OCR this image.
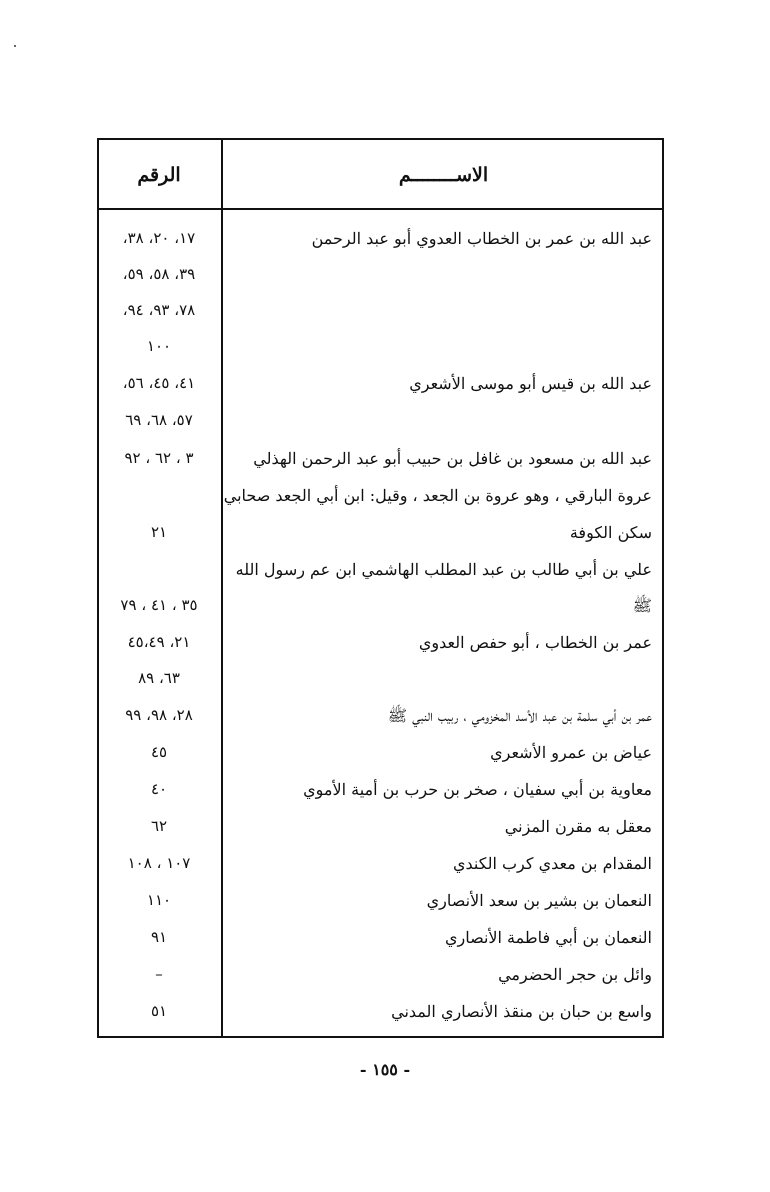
الاســــــــم
الرقم
عبد الله بن عمر بن الخطاب العدوي أبو عبد الرحمن
١٧، ٢٠، ٣٨،
٣٩، ٥٨، ٥٩،
٧٨، ٩٣، ٩٤،
١٠٠
عبد الله بن قيس أبو موسى الأشعري
٤١، ٤٥، ٥٦،
٥٧، ٦٨، ٦٩
عبد الله بن مسعود بن غافل بن حبيب أبو عبد الرحمن الهذلي
٣ ، ٦٢ ، ٩٢
عروة البارقي ، وهو عروة بن الجعد ، وقيل: ابن أبي الجعد صحابي
سكن الكوفة
٢١
علي بن أبي طالب بن عبد المطلب الهاشمي ابن عم رسول الله
ﷺ
٣٥ ، ٤١ ، ٧٩
عمر بن الخطاب ، أبو حفص العدوي
٢١، ٤٥،٤٩
٦٣، ٨٩
عمر بن أبي سلمة بن عبد الأسد المخزومي ، ربيب النبي ﷺ
٢٨، ٩٨، ٩٩
عياض بن عمرو الأشعري
٤٥
معاوية بن أبي سفيان ، صخر بن حرب بن أمية الأموي
٤٠
معقل به مقرن المزني
٦٢
المقدام بن معدي كرب الكندي
١٠٧ ، ١٠٨
النعمان بن بشير بن سعد الأنصاري
١١٠
النعمان بن أبي فاطمة الأنصاري
٩١
وائل بن حجر الحضرمي
–
واسع بن حبان بن منقذ الأنصاري المدني
٥١
- ١٥٥ -
